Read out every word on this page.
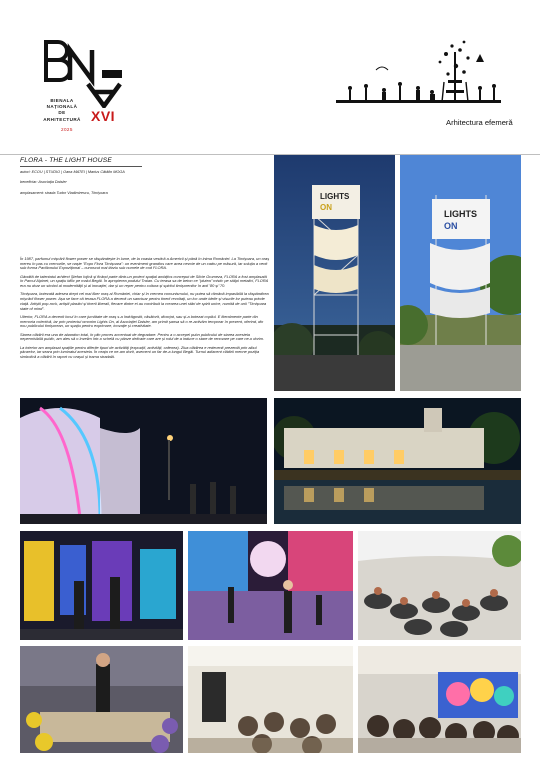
BIENALA
NAȚIONALĂ
DE
ARHITECTURĂ XVI
2025
Arhitectura efemeră
FLORA - THE LIGHT HOUSE
autori: ECOU | STUDIO | Oana MATEI | Marius Cătălin MOGA
beneficiar: Asociația Daisler
amplasament: strada Tudor Vladimirescu, Timișoara

În 1987, parfumul mișcării flower power se răspândește în lume, de la coasta vestică a Americii și până în inima României. La Timișoara, un oraș mereu în pas cu vremurile, se naște "Expo Flora Timișoara": un eveniment grandios care avea nevoie de un cadru pe măsură, iar soluția a venit sub forma Pavilionului Expozițional – cunoscut mai târziu sub numele de cod FLORA.

Gândită de talentatul arhitect Ștefan Iojică și ficând parte dintr-un proiect spațial ambițios conceput de Silvie Grumeza, FLORA a fost amplasată în Parcul Alpinet, un spațiu idilic pe malul Begăi. În apropierea podului Traian. Cu terasa sa de beton ce "plutea" mistic pe stâlpi metalici, FLORA era nu doar un simbol al modernității și al inovației, dar și un reper pentru cultura și spiritul timișorenilor în anii '80 și '70.

Timișoara, botezată adesea drept cel mai liber oraș al României, chiar și în vremea comunismului, nu putea să rămână impasibilă la răspândirea mișcării flower power. Așa se face că terasa FLORA a devenit un sanctuar pentru tinerii revoltați, un loc unde ideile și visurile lor puteau prinde viață. Artiștii pop-rock, artiștii plastici și tinerii liberali, fiecare dintre ei au contribuit la crearea unei stări de spirit unice, numită de unii "Timișoara state of mind".

Ulterior, FLORA a devenit locul în care jumătate de oraș s-a îndrăgostit, căsătorit, divorțat, sau și-a botezat copilul. E literalmente parte din memoria colectivă, iar prin proiectul omonim Lights On, al Asociației Daisler, am primit șansa să o re-activăm temporar în prezent, oferind, din nou publicului timișorean, un spațiu pentru exprimare, inovație și creativitate.

Starea clădirii era una de abandon total, în plin proces accentuat de degradare. Pentru a o accepel pubn publicului de starea acesteia nepermisibilă public, am ales să o învelim într-o schelă cu pânze delicate care are și rolul de a induce o stare de renovare pe care ne-o dorim.

La interior am amplasat spațiile pentru diferite tipuri de activități (expoziții, activități, cafenea). Ziua clădirea e redevenit prezentă prin albul pânzelor, iar seara prin luminatul acesteia. În ceața ce ne-am dorit, asemeni un far de-a lungul Begăi. Turnul adiacent clădirii menne poziția simbolică a clădirii în raport cu orașul și trama stradală.

LIGHTS
ON
LIGHTS
ON
